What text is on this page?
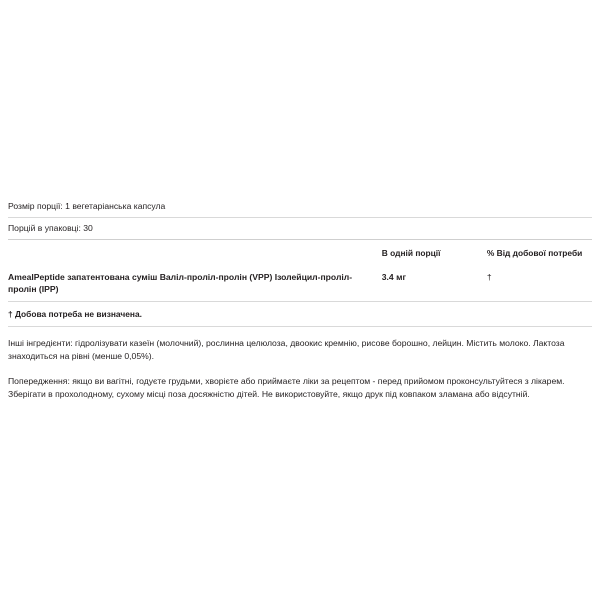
Розмір порції: 1 вегетаріанська капсула
Порцій в упаковці: 30
	В одній порції	% Від добової потреби
AmealPeptide запатентована суміш Валіл-проліл-пролін (VPP) Ізолейцил-проліл-пролін (IPP)	3.4 мг	†
† Добова потреба не визначена.
Інші інгредієнти: гідролізувати казеїн (молочний), рослинна целюлоза, двоокис кремнію, рисове борошно, лейцин. Містить молоко. Лактоза знаходиться на рівні (менше 0,05%).
Попередження: якщо ви вагітні, годуєте грудьми, хворієте або приймаєте ліки за рецептом - перед прийомом проконсультуйтеся з лікарем. Зберігати в прохолодному, сухому місці поза досяжністю дітей. Не використовуйте, якщо друк під ковпаком зламана або відсутній.
